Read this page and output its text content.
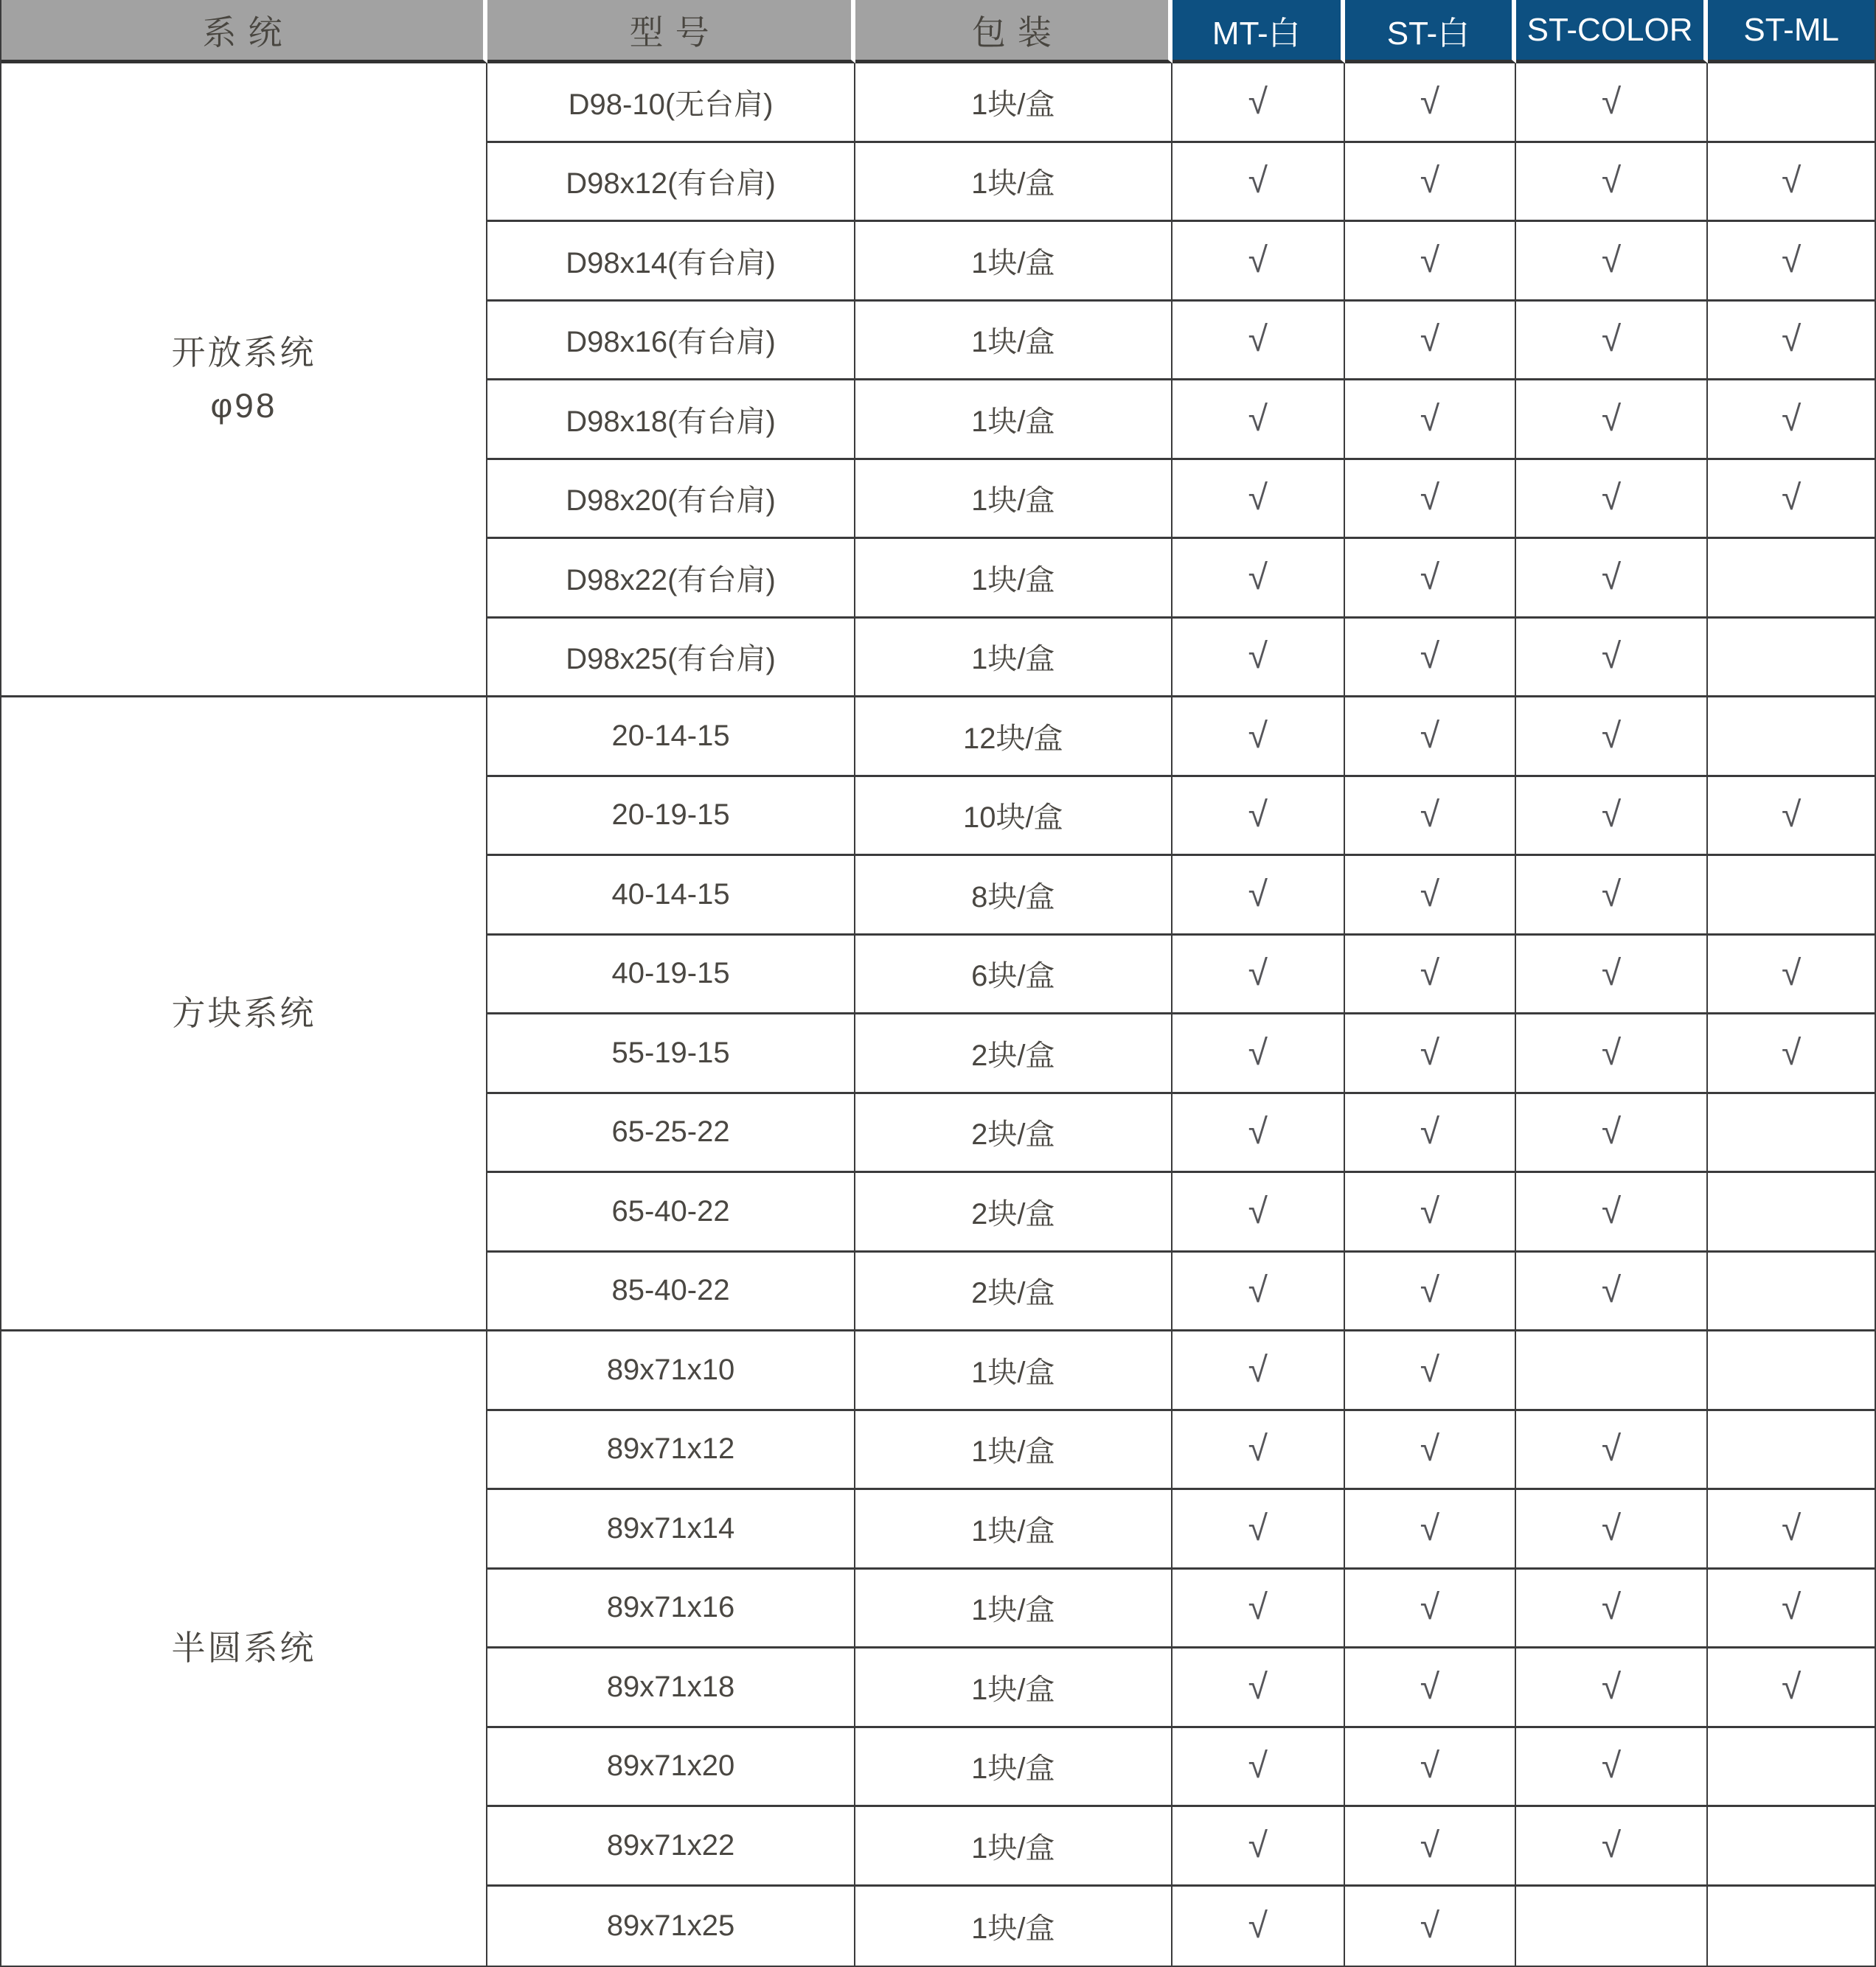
系统	型号	包装	MT-白	ST-白	ST-COLOR	ST-ML
开放系统
φ98
D98-10(无台肩)	1块/盒	√	√	√
D98x12(有台肩)	1块/盒	√	√	√	√
D98x14(有台肩)	1块/盒	√	√	√	√
D98x16(有台肩)	1块/盒	√	√	√	√
D98x18(有台肩)	1块/盒	√	√	√	√
D98x20(有台肩)	1块/盒	√	√	√	√
D98x22(有台肩)	1块/盒	√	√	√
D98x25(有台肩)	1块/盒	√	√	√
方块系统
20-14-15	12块/盒	√	√	√
20-19-15	10块/盒	√	√	√	√
40-14-15	8块/盒	√	√	√
40-19-15	6块/盒	√	√	√	√
55-19-15	2块/盒	√	√	√	√
65-25-22	2块/盒	√	√	√
65-40-22	2块/盒	√	√	√
85-40-22	2块/盒	√	√	√
半圆系统
89x71x10	1块/盒	√	√
89x71x12	1块/盒	√	√	√
89x71x14	1块/盒	√	√	√	√
89x71x16	1块/盒	√	√	√	√
89x71x18	1块/盒	√	√	√	√
89x71x20	1块/盒	√	√	√
89x71x22	1块/盒	√	√	√
89x71x25	1块/盒	√	√
